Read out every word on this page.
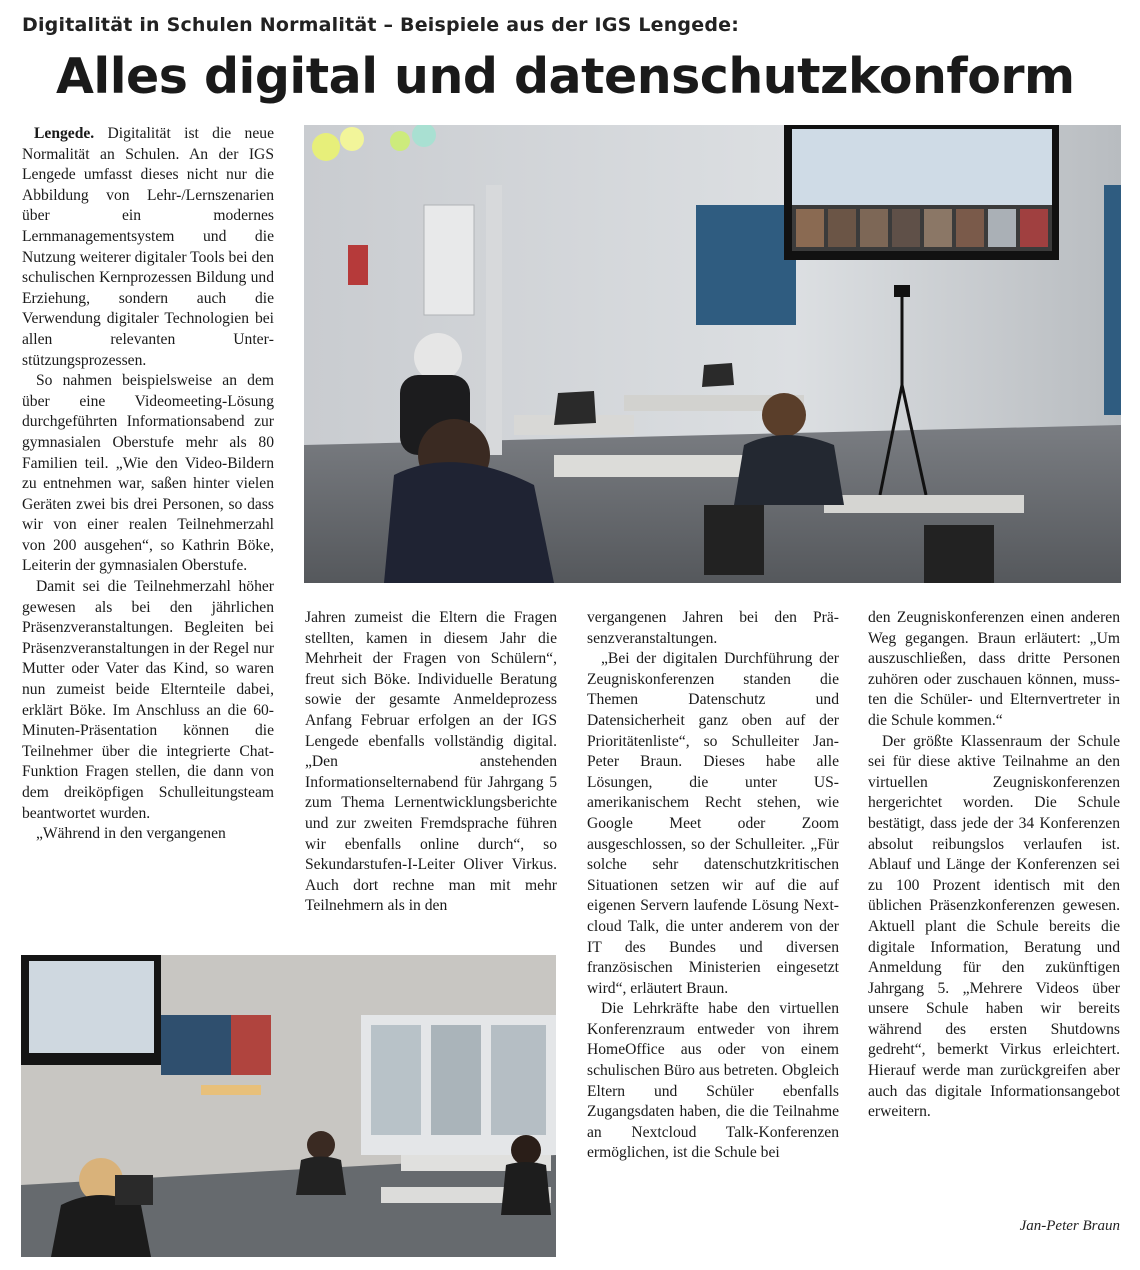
Digitalität in Schulen Normalität – Beispiele aus der IGS Lengede:
Alles digital und datenschutzkonform

Lengede. Digitalität ist die neue Normalität an Schulen. An der IGS Lengede umfasst dieses nicht nur die Abbildung von Lehr-/Lernszenarien über ein modernes Lernmanagementsystem und die Nutzung weiterer digitaler Tools bei den schulischen Kernprozessen Bildung und Erziehung, sondern auch die Verwendung digitaler Technologien bei allen relevanten Unterstützungsprozessen.

So nahmen beispielsweise an dem über eine Videomeeting-Lösung durchgeführten Informationsabend zur gymnasialen Oberstufe mehr als 80 Familien teil. „Wie den Video-Bildern zu entnehmen war, saßen hinter vielen Geräten zwei bis drei Personen, so dass wir von einer realen Teilnehmerzahl von 200 ausgehen“, so Kathrin Böke, Leiterin der gymnasialen Oberstufe.

Damit sei die Teilnehmerzahl höher gewesen als bei den jährlichen Präsenzveranstaltungen. Begleiten bei Präsenzveranstaltungen in der Regel nur Mutter oder Vater das Kind, so waren nun zumeist beide Elternteile dabei, erklärt Böke. Im Anschluss an die 60-Minuten-Präsentation können die Teilnehmer über die integrierte Chat-Funktion Fragen stellen, die dann von dem dreiköpfigen Schulleitungsteam beantwortet wurden.

„Während in den vergangenen

Jahren zumeist die Eltern die Fragen stellten, kamen in diesem Jahr die Mehrheit der Fragen von Schülern“, freut sich Böke. Individuelle Beratung sowie der gesamte Anmeldeprozess Anfang Februar erfolgen an der IGS Lengede ebenfalls vollständig digital. „Den anstehenden Informationselternabend für Jahrgang 5 zum Thema Lernentwicklungsberichte und zur zweiten Fremdsprache führen wir ebenfalls online durch“, so Sekundarstufen-I-Leiter Oliver Virkus. Auch dort rechne man mit mehr Teilnehmern als in den

vergangenen Jahren bei den Präsenzveranstaltungen.

„Bei der digitalen Durchführung der Zeugniskonferenzen standen die Themen Datenschutz und Datensicherheit ganz oben auf der Prioritätenliste“, so Schulleiter Jan-Peter Braun. Dieses habe alle Lösungen, die unter US-amerikanischem Recht stehen, wie Google Meet oder Zoom ausgeschlossen, so der Schulleiter. „Für solche sehr datenschutzkritischen Situationen setzen wir auf die auf eigenen Servern laufende Lösung Nextcloud Talk, die unter anderem von der IT des Bundes und diversen französischen Ministerien eingesetzt wird“, erläutert Braun.

Die Lehrkräfte habe den virtuellen Konferenzraum entweder von ihrem HomeOffice aus oder von einem schulischen Büro aus betreten. Obgleich Eltern und Schüler ebenfalls Zugangsdaten haben, die die Teilnahme an Nextcloud Talk-Konferenzen ermöglichen, ist die Schule bei

den Zeugniskonferenzen einen anderen Weg gegangen. Braun erläutert: „Um auszuschließen, dass dritte Personen zuhören oder zuschauen können, mussten die Schüler- und Elternvertreter in die Schule kommen.“

Der größte Klassenraum der Schule sei für diese aktive Teilnahme an den virtuellen Zeugniskonferenzen hergerichtet worden. Die Schule bestätigt, dass jede der 34 Konferenzen absolut reibungslos verlaufen ist. Ablauf und Länge der Konferenzen sei zu 100 Prozent identisch mit den üblichen Präsenzkonferenzen gewesen. Aktuell plant die Schule bereits die digitale Information, Beratung und Anmeldung für den zukünftigen Jahrgang 5. „Mehrere Videos über unsere Schule haben wir bereits während des ersten Shutdowns gedreht“, bemerkt Virkus erleichtert. Hierauf werde man zurückgreifen aber auch das digitale Informationsangebot erweitern.

Jan-Peter Braun
